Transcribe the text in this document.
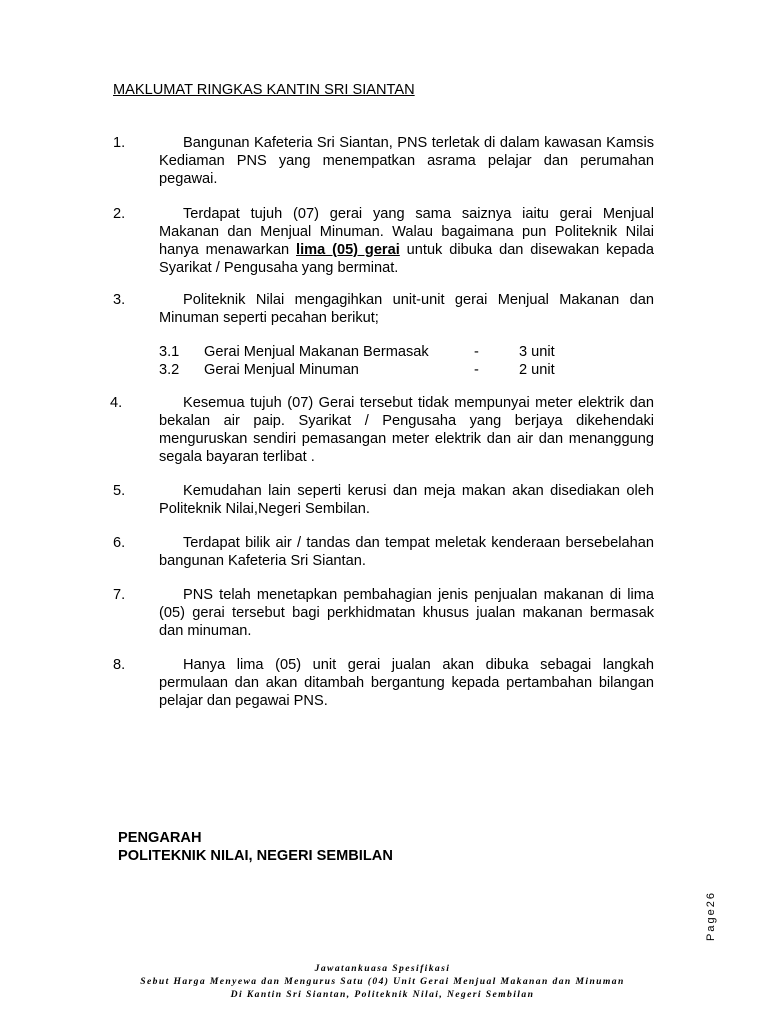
MAKLUMAT RINGKAS KANTIN SRI SIANTAN
1.	Bangunan Kafeteria Sri Siantan, PNS terletak di dalam kawasan Kamsis Kediaman PNS yang menempatkan asrama pelajar dan perumahan pegawai.
2.	Terdapat tujuh (07) gerai yang sama saiznya iaitu gerai Menjual Makanan dan Menjual Minuman. Walau bagaimana pun Politeknik Nilai hanya menawarkan lima (05) gerai untuk dibuka dan disewakan kepada Syarikat / Pengusaha yang berminat.
3.	Politeknik Nilai mengagihkan unit-unit gerai Menjual Makanan dan Minuman seperti pecahan berikut;
3.1 Gerai Menjual Makanan Bermasak	-	3 unit
3.2 Gerai Menjual Minuman	-	2 unit
4.	Kesemua tujuh (07) Gerai tersebut tidak mempunyai meter elektrik dan bekalan air paip. Syarikat / Pengusaha yang berjaya dikehendaki menguruskan sendiri pemasangan meter elektrik dan air dan menanggung segala bayaran terlibat .
5.	Kemudahan lain seperti kerusi dan meja makan akan disediakan oleh Politeknik Nilai,Negeri Sembilan.
6.	Terdapat bilik air / tandas dan tempat meletak kenderaan bersebelahan bangunan Kafeteria Sri Siantan.
7.	PNS telah menetapkan pembahagian jenis penjualan makanan di lima (05) gerai tersebut bagi perkhidmatan khusus jualan makanan bermasak dan minuman.
8.	Hanya lima (05) unit gerai jualan akan dibuka sebagai langkah permulaan dan akan ditambah bergantung kepada pertambahan bilangan pelajar dan pegawai PNS.
PENGARAH
POLITEKNIK NILAI, NEGERI SEMBILAN
Page26
Jawatankuasa Spesifikasi
Sebut Harga Menyewa dan Mengurus Satu (04) Unit Gerai Menjual Makanan dan Minuman
Di Kantin Sri Siantan, Politeknik Nilai, Negeri Sembilan
